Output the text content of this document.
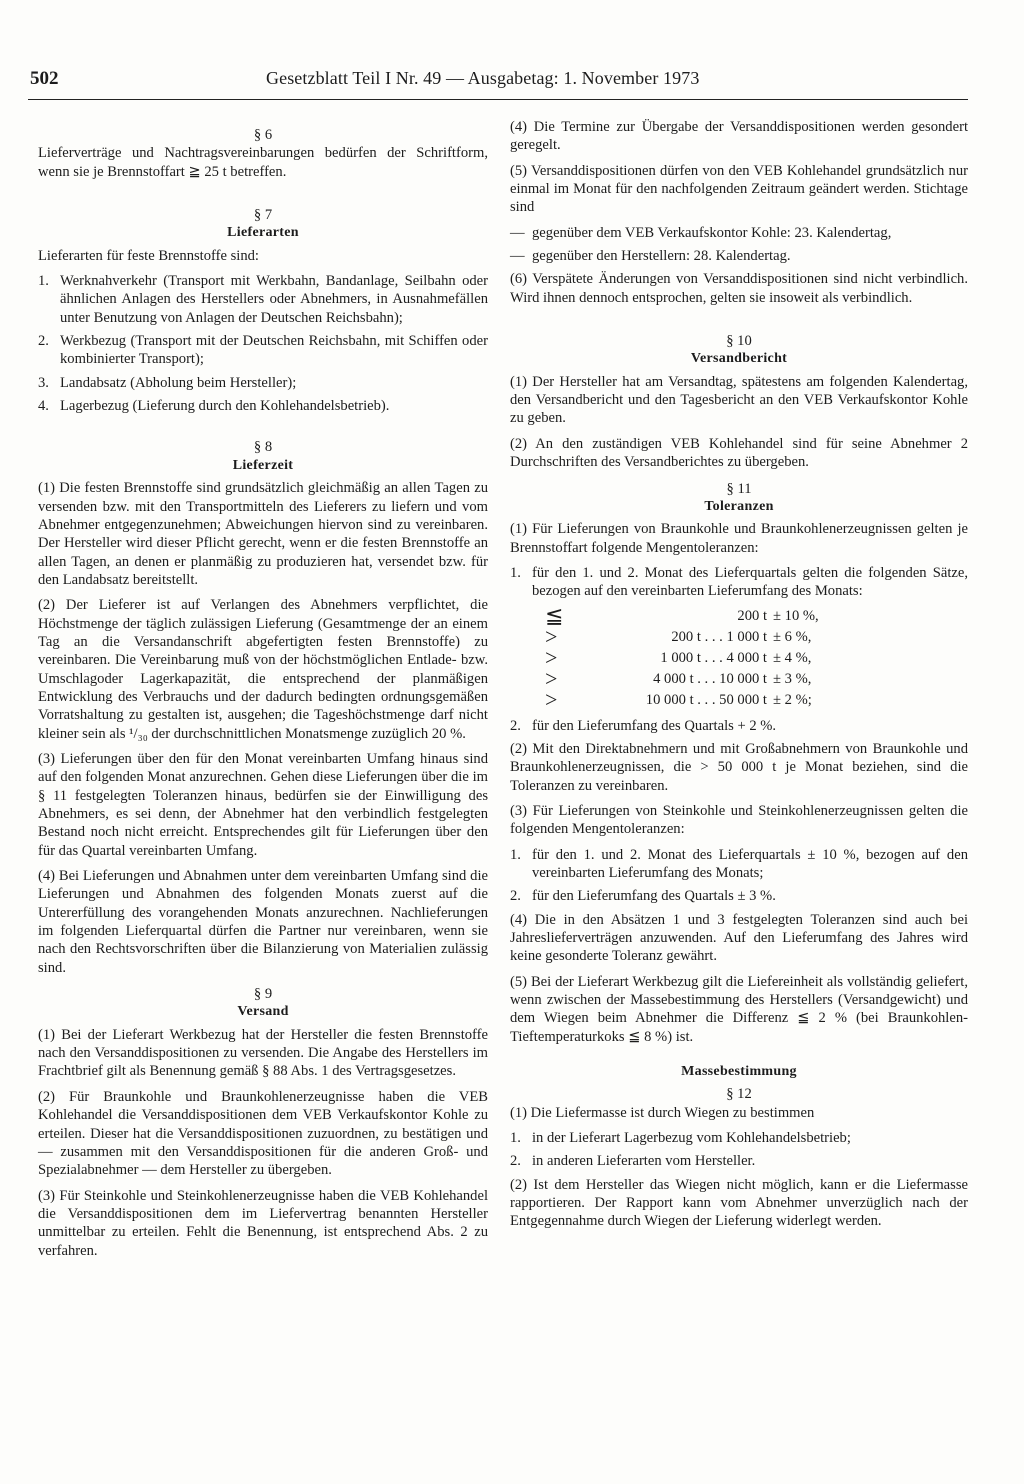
502	Gesetzblatt Teil I Nr. 49 — Ausgabetag: 1. November 1973
§ 6

Lieferverträge und Nachtragsvereinbarungen bedürfen der Schriftform, wenn sie je Brennstoffart ≧ 25 t betreffen.

§ 7
Lieferarten

Lieferarten für feste Brennstoffe sind:

1. Werknahverkehr (Transport mit Werkbahn, Bandanlage, Seilbahn oder ähnlichen Anlagen des Herstellers oder Abnehmers, in Ausnahmefällen unter Benutzung von Anlagen der Deutschen Reichsbahn);
2. Werkbezug (Transport mit der Deutschen Reichsbahn, mit Schiffen oder kombinierter Transport);
3. Landabsatz (Abholung beim Hersteller);
4. Lagerbezug (Lieferung durch den Kohlehandelsbetrieb).
§ 8
Lieferzeit

(1) Die festen Brennstoffe sind grundsätzlich gleichmäßig an allen Tagen zu versenden bzw. mit den Transportmitteln des Lieferers zu liefern und vom Abnehmer entgegenzunehmen; Abweichungen hiervon sind zu vereinbaren. Der Hersteller wird dieser Pflicht gerecht, wenn er die festen Brennstoffe an allen Tagen, an denen er planmäßig zu produzieren hat, versendet bzw. für den Landabsatz bereitstellt.

(2) Der Lieferer ist auf Verlangen des Abnehmers verpflichtet, die Höchstmenge der täglich zulässigen Lieferung (Gesamtmenge der an einem Tag an die Versandanschrift abgefertigten festen Brennstoffe) zu vereinbaren. Die Vereinbarung muß von der höchstmöglichen Entlade- bzw. Umschlagoder Lagerkapazität, die entsprechend der planmäßigen Entwicklung des Verbrauchs und der dadurch bedingten ordnungsgemäßen Vorratshaltung zu gestalten ist, ausgehen; die Tageshöchstmenge darf nicht kleiner sein als ¹/₃₀ der durchschnittlichen Monatsmenge zuzüglich 20 %.

(3) Lieferungen über den für den Monat vereinbarten Umfang hinaus sind auf den folgenden Monat anzurechnen. Gehen diese Lieferungen über die im § 11 festgelegten Toleranzen hinaus, bedürfen sie der Einwilligung des Abnehmers, es sei denn, der Abnehmer hat den verbindlich festgelegten Bestand noch nicht erreicht. Entsprechendes gilt für Lieferungen über den für das Quartal vereinbarten Umfang.

(4) Bei Lieferungen und Abnahmen unter dem vereinbarten Umfang sind die Lieferungen und Abnahmen des folgenden Monats zuerst auf die Untererfüllung des vorangehenden Monats anzurechnen. Nachlieferungen im folgenden Lieferquartal dürfen die Partner nur vereinbaren, wenn sie nach den Rechtsvorschriften über die Bilanzierung von Materialien zulässig sind.

§ 9
Versand

(1) Bei der Lieferart Werkbezug hat der Hersteller die festen Brennstoffe nach den Versanddispositionen zu versenden. Die Angabe des Herstellers im Frachtbrief gilt als Benennung gemäß § 88 Abs. 1 des Vertragsgesetzes.

(2) Für Braunkohle und Braunkohlenerzeugnisse haben die VEB Kohlehandel die Versanddispositionen dem VEB Verkaufskontor Kohle zu erteilen. Dieser hat die Versanddispositionen zuzuordnen, zu bestätigen und — zusammen mit den Versanddispositionen für die anderen Groß- und Spezialabnehmer — dem Hersteller zu übergeben.

(3) Für Steinkohle und Steinkohlenerzeugnisse haben die VEB Kohlehandel die Versanddispositionen dem im Liefervertrag benannten Hersteller unmittelbar zu erteilen. Fehlt die Benennung, ist entsprechend Abs. 2 zu verfahren.

(4) Die Termine zur Übergabe der Versanddispositionen werden gesondert geregelt.

(5) Versanddispositionen dürfen von den VEB Kohlehandel grundsätzlich nur einmal im Monat für den nachfolgenden Zeitraum geändert werden. Stichtage sind

— gegenüber dem VEB Verkaufskontor Kohle: 23. Kalendertag,
— gegenüber den Herstellern: 28. Kalendertag.

(6) Verspätete Änderungen von Versanddispositionen sind nicht verbindlich. Wird ihnen dennoch entsprochen, gelten sie insoweit als verbindlich.

§ 10
Versandbericht

(1) Der Hersteller hat am Versandtag, spätestens am folgenden Kalendertag, den Versandbericht und den Tagesbericht an den VEB Verkaufskontor Kohle zu geben.

(2) An den zuständigen VEB Kohlehandel sind für seine Abnehmer 2 Durchschriften des Versandberichtes zu übergeben.

§ 11
Toleranzen

(1) Für Lieferungen von Braunkohle und Braunkohlenerzeugnissen gelten je Brennstoffart folgende Mengentoleranzen:

1. für den 1. und 2. Monat des Lieferquartals gelten die folgenden Sätze, bezogen auf den vereinbarten Lieferumfang des Monats:
≦	200 t	± 10 %,
>	200 t . . . 1 000 t	± 6 %,
>	1 000 t . . . 4 000 t	± 4 %,
>	4 000 t . . . 10 000 t	± 3 %,
>	10 000 t . . . 50 000 t	± 2 %;
2. für den Lieferumfang des Quartals + 2 %.

(2) Mit den Direktabnehmern und mit Großabnehmern von Braunkohle und Braunkohlenerzeugnissen, die > 50 000 t je Monat beziehen, sind die Toleranzen zu vereinbaren.

(3) Für Lieferungen von Steinkohle und Steinkohlenerzeugnissen gelten die folgenden Mengentoleranzen:

1. für den 1. und 2. Monat des Lieferquartals ± 10 %, bezogen auf den vereinbarten Lieferumfang des Monats;
2. für den Lieferumfang des Quartals ± 3 %.

(4) Die in den Absätzen 1 und 3 festgelegten Toleranzen sind auch bei Jahreslieferverträgen anzuwenden. Auf den Lieferumfang des Jahres wird keine gesonderte Toleranz gewährt.

(5) Bei der Lieferart Werkbezug gilt die Liefereinheit als vollständig geliefert, wenn zwischen der Massebestimmung des Herstellers (Versandgewicht) und dem Wiegen beim Abnehmer die Differenz ≦ 2 % (bei Braunkohlen-Tieftemperaturkoks ≦ 8 %) ist.

Massebestimmung
§ 12

(1) Die Liefermasse ist durch Wiegen zu bestimmen

1. in der Lieferart Lagerbezug vom Kohlehandelsbetrieb;
2. in anderen Lieferarten vom Hersteller.

(2) Ist dem Hersteller das Wiegen nicht möglich, kann er die Liefermasse rapportieren. Der Rapport kann vom Abnehmer unverzüglich nach der Entgegennahme durch Wiegen der Lieferung widerlegt werden.
